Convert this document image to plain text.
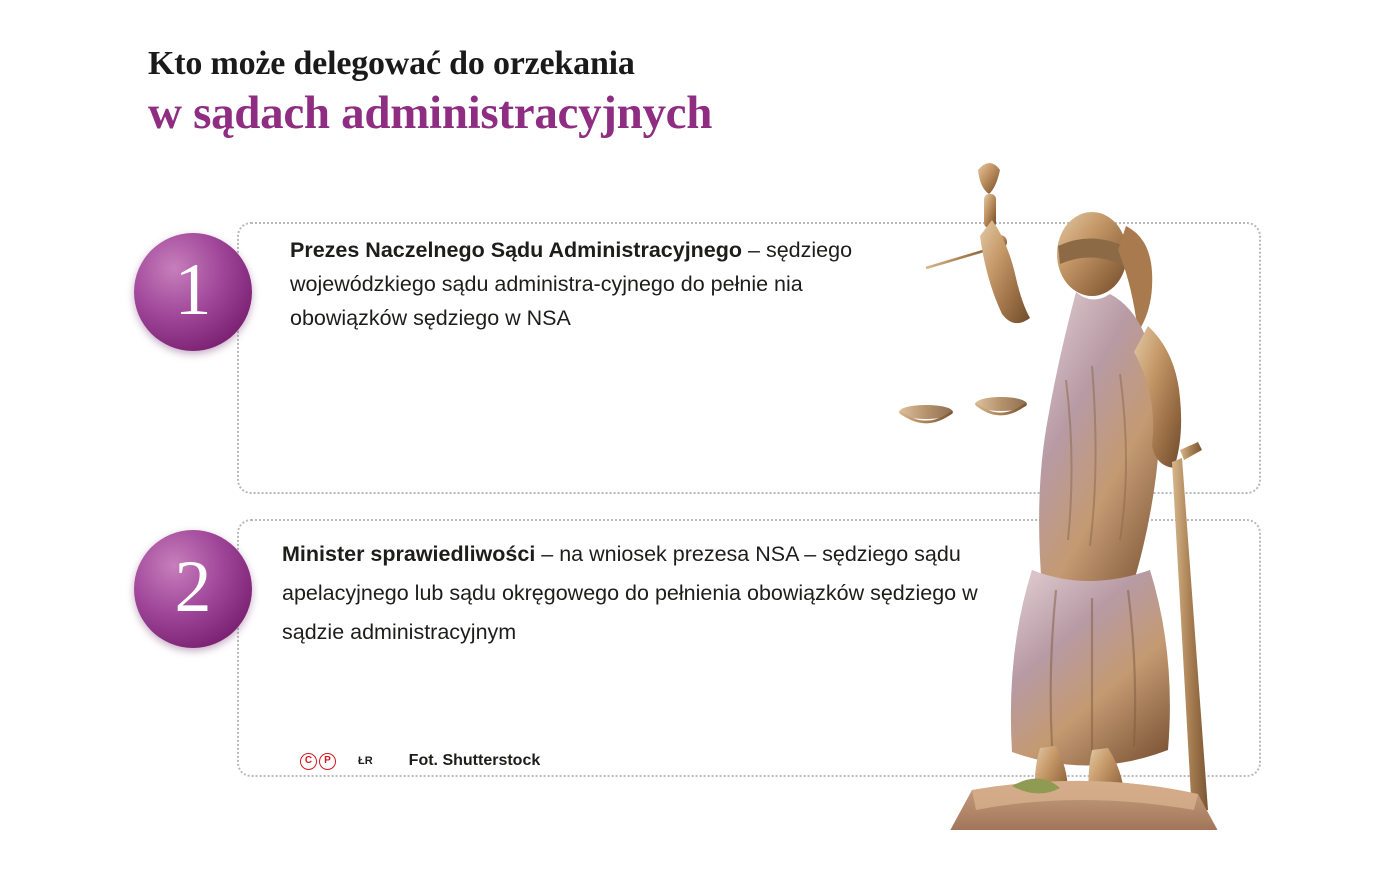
Kto może delegować do orzekania
w sądach administracyjnych
1	Prezes Naczelnego Sądu Administracyjnego – sędziego wojewódzkiego sądu administra-cyjnego do pełnie nia obowiązków sędziego w NSA
2	Minister sprawiedliwości – na wniosek prezesa NSA – sędziego sądu apelacyjnego lub sądu okręgowego do pełnienia obowiązków sędziego w sądzie administracyjnym
C	P	ŁR Fot. Shutterstock
